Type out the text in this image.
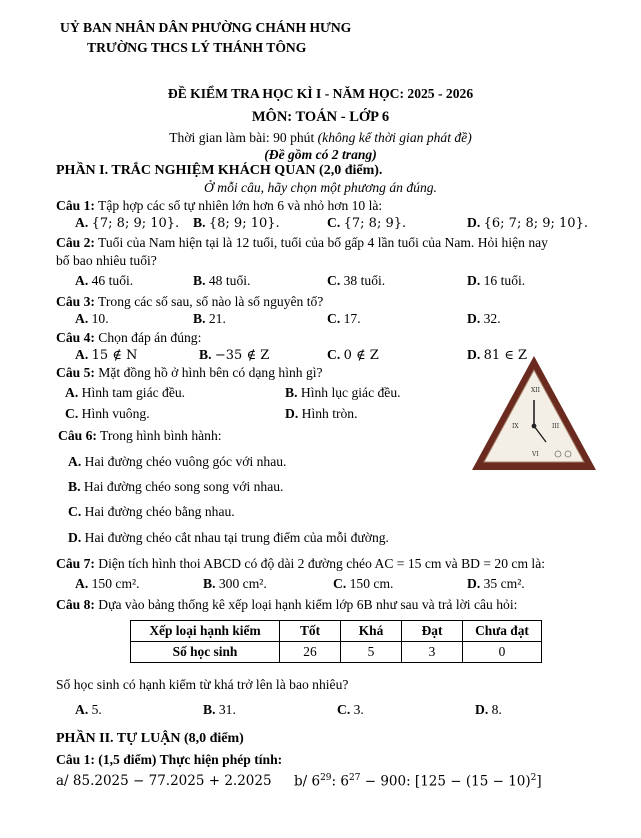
UỶ BAN NHÂN DÂN PHƯỜNG CHÁNH HƯNG
TRƯỜNG THCS LÝ THÁNH TÔNG
ĐỀ KIỂM TRA HỌC KÌ I - NĂM HỌC: 2025 - 2026
MÔN: TOÁN - LỚP 6
Thời gian làm bài: 90 phút (không kể thời gian phát đề)
(Đề gồm có 2 trang)
PHẦN I. TRẮC NGHIỆM KHÁCH QUAN (2,0 điểm).
Ở mỗi câu, hãy chọn một phương án đúng.
Câu 1: Tập hợp các số tự nhiên lớn hơn 6 và nhỏ hơn 10 là:
A. {7; 8; 9; 10}. B. {8; 9; 10}.	C. {7; 8; 9}.	D. {6; 7; 8; 9; 10}.
Câu 2: Tuổi của Nam hiện tại là 12 tuổi, tuổi của bố gấp 4 lần tuổi của Nam. Hỏi hiện nay
bố bao nhiêu tuổi?
A. 46 tuổi.	B. 48 tuổi.	C. 38 tuổi.	D. 16 tuổi.
Câu 3: Trong các số sau, số nào là số nguyên tố?
A. 10.	B. 21.	C. 17.	D. 32.
Câu 4: Chọn đáp án đúng:
A. 15 ∉ N	B. −35 ∉ Z	C. 0 ∉ Z	D. 81 ∈ Z
Câu 5: Mặt đồng hồ ở hình bên có dạng hình gì?
A. Hình tam giác đều.	B. Hình lục giác đều.
C. Hình vuông.	D. Hình tròn.
XII
IX	III
VI
Câu 6: Trong hình bình hành:
A. Hai đường chéo vuông góc với nhau.
B. Hai đường chéo song song với nhau.
C. Hai đường chéo bằng nhau.
D. Hai đường chéo cắt nhau tại trung điểm của mỗi đường.
Câu 7: Diện tích hình thoi ABCD có độ dài 2 đường chéo AC = 15 cm và BD = 20 cm là:
A. 150 cm².	B. 300 cm².	C. 150 cm.	D. 35 cm².
Câu 8: Dựa vào bảng thống kê xếp loại hạnh kiểm lớp 6B như sau và trả lời câu hỏi:
Xếp loại hạnh kiểm	Tốt	Khá	Đạt	Chưa đạt
Số học sinh	26	5	3	0
Số học sinh có hạnh kiểm từ khá trở lên là bao nhiêu?
A. 5.	B. 31.	C. 3.	D. 8.
PHẦN II. TỰ LUẬN (8,0 điểm)
Câu 1: (1,5 điểm) Thực hiện phép tính:
a/ 85.2025 − 77.2025 + 2.2025 b/ $6^{29}$: $6^{27} - 900$: $[125 - (15 - 10)^2]$
